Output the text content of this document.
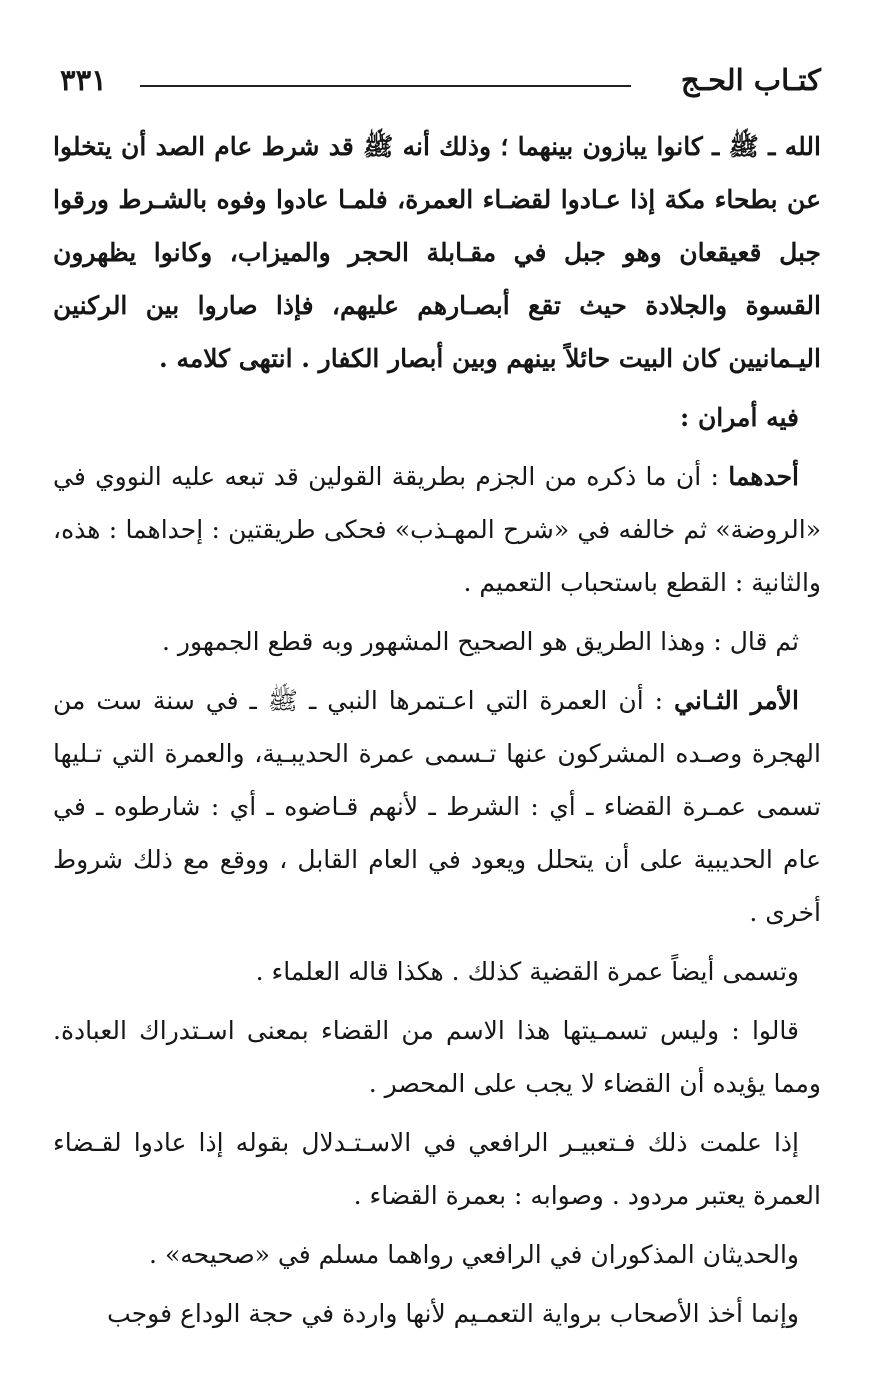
كتـاب الحـج
٣٣١

الله ـ ﷺ ـ كانوا يبازون بينهما ؛ وذلك أنه ﷺ قد شرط عام الصد أن يتخلوا عن بطحاء مكة إذا عـادوا لقضـاء العمرة، فلمـا عادوا وفوه بالشـرط ورقوا جبل قعيقعان وهو جبل في مقـابلة الحجر والميزاب، وكانوا يظهرون القسوة والجلادة حيث تقع أبصـارهم عليهم، فإذا صاروا بين الركنين اليـمانيين كان البيت حائلاً بينهم وبين أبصار الكفار . انتهى كلامه .

فيه أمران :

أحدهما : أن ما ذكره من الجزم بطريقة القولين قد تبعه عليه النووي في «الروضة» ثم خالفه في «شرح المهـذب» فحكى طريقتين : إحداهما : هذه، والثانية : القطع باستحباب التعميم .

ثم قال : وهذا الطريق هو الصحيح المشهور وبه قطع الجمهور .

الأمر الثـاني : أن العمرة التي اعـتمرها النبي ـ ﷺ ـ في سنة ست من الهجرة وصـده المشركون عنها تـسمى عمرة الحديبـية، والعمرة التي تـليها تسمى عمـرة القضاء ـ أي : الشرط ـ لأنهم قـاضوه ـ أي : شارطوه ـ في عام الحديبية على أن يتحلل ويعود في العام القابل ، ووقع مع ذلك شروط أخرى .

وتسمى أيضاً عمرة القضية كذلك . هكذا قاله العلماء .

قالوا : وليس تسمـيتها هذا الاسم من القضاء بمعنى اسـتدراك العبادة. ومما يؤيده أن القضاء لا يجب على المحصر .

إذا علمت ذلك فـتعبيـر الرافعي في الاسـتـدلال بقوله إذا عادوا لقـضاء العمرة يعتبر مردود . وصوابه : بعمرة القضاء .

والحديثان المذكوران في الرافعي رواهما مسلم في «صحيحه» .

وإنما أخذ الأصحاب برواية التعمـيم لأنها واردة في حجة الوداع فوجب
